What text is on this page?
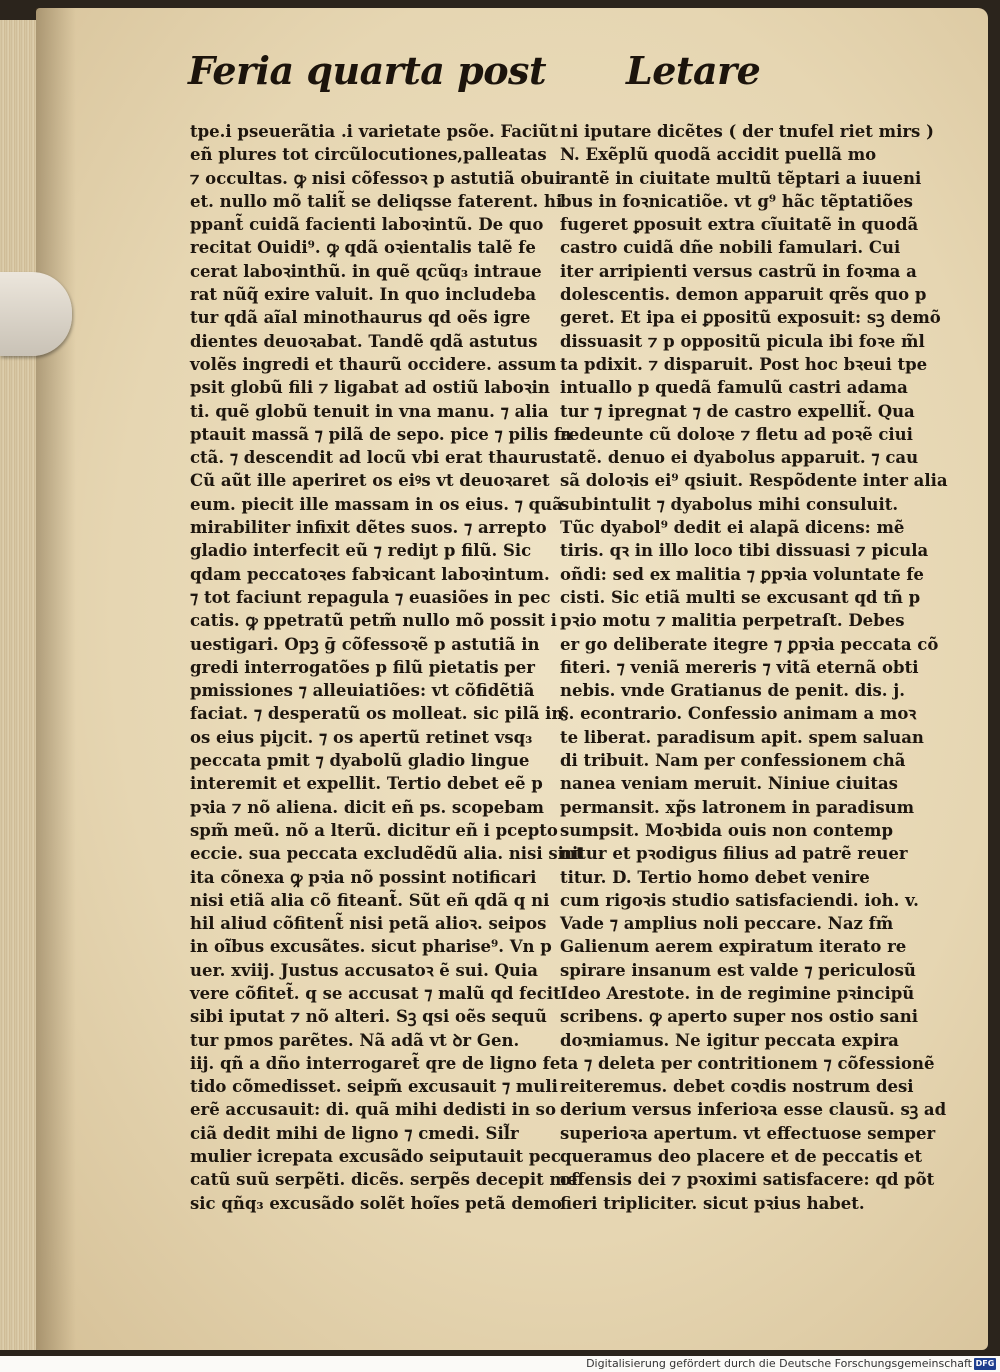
Feria quarta post Letare
tpe.i pseuerãtia .i varietate psõe. Faciũt
eñ plures tot circũlocutiones,palleatas
⁊ occultas. ꝙ nisi cõfessoꝛ p astutiã obui
et. nullo mõ talit̃ se deliqsse faterent. hi
ppant̃ cuidã facienti laboꝛintũ. De quo
recitat Ouidi⁹. ꝙ qdã oꝛientalis talẽ fe
cerat laboꝛinthũ. in quẽ ɋcũq₃ intraue
rat nũq̃ exire valuit. In quo includeba
tur qdã aĩal minothaurus qd oẽs igre
dientes deuoꝛabat. Tandẽ qdã astutus
volẽs ingredi et thaurũ occidere. assum
psit globũ fili ⁊ ligabat ad ostiũ laboꝛin
ti. quẽ globũ tenuit in vna manu. ⁊ alia
ptauit massã ⁊ pilã de sepo. pice ⁊ pilis fa
ctã. ⁊ descendit ad locũ vbi erat thaurus
Cũ aũt ille aperiret os eiꝰs vt deuoꝛaret
eum. piecit ille massam in os eius. ⁊ quã
mirabiliter infixit dẽtes suos. ⁊ arrepto
gladio interfecit eũ ⁊ rediȷt p filũ. Sic
qdam peccatoꝛes fabꝛicant laboꝛintum.
⁊ tot faciunt repagula ⁊ euasiões in pec
catis. ꝙ ppetratũ petm̃ nullo mõ possit i
uestigari. Opꝫ ḡ cõfessoꝛẽ p astutiã in
gredi interrogatões p filũ pietatis per
pmissiones ⁊ alleuiatiões: vt cõfidẽtiã
faciat. ⁊ desperatũ os molleat. sic pilã in
os eius piȷcit. ⁊ os apertũ retinet vsq₃
peccata pmit ⁊ dyabolũ gladio lingue
interemit et expellit. Tertio debet eẽ p
pꝛia ⁊ nõ aliena. dicit eñ ps. scopebam
spm̃ meũ. nõ a lterũ. dicitur eñ i pcepto
eccie. sua peccata excludẽdũ alia. nisi sint
ita cõnexa ꝙ pꝛia nõ possint notificari
nisi etiã alia cõ fiteant̃. Sũt eñ qdã q ni
hil aliud cõfitent̃ nisi petã alioꝛ. seipos
in oĩbus excusãtes. sicut pharise⁹. Vn p
uer. xviij. Justus accusatoꝛ ẽ sui. Quia
vere cõfitet̃. q se accusat ⁊ malũ qd fecit
sibi iputat ⁊ nõ alteri. Sꝫ qsi oẽs sequũ
tur pmos parẽtes. Nã adã vt ꝺr Gen.
iij. qñ a dño interrogaret̃ qre de ligno fe
tido cõmedisset. seipm̃ excusauit ⁊ muli
erẽ accusauit: di. quã mihi dedisti in so
ciã dedit mihi de ligno ⁊ cmedi. Sil̃r
mulier icrepata excusãdo seiputauit pec
catũ suũ serpẽti. dicẽs. serpẽs decepit me
sic qñq₃ excusãdo solẽt hoĩes petã demo
ni iputare dicẽtes ( der tnufel riet mirs )
N. Exẽplũ quodã accidit puellã mo
rantẽ in ciuitate multũ tẽptari a iuueni
bus in foꝛnicatiõe. vt g⁹ hãc tẽptatiões
fugeret ꝑposuit extra cĩuitatẽ in quodã
castro cuidã dñe nobili famulari. Cui
iter arripienti versus castrũ in foꝛma a
dolescentis. demon apparuit qrẽs quo p
geret. Et ipa ei ꝑpositũ exposuit: sꝫ demõ
dissuasit ⁊ p oppositũ picula ibi foꝛe m̃l
ta pdixit. ⁊ disparuit. Post hoc bꝛeui tpe
intuallo p quedã famulũ castri adama
tur ⁊ ipregnat ⁊ de castro expellit̃. Qua
redeunte cũ doloꝛe ⁊ fletu ad poꝛẽ ciui
tatẽ. denuo ei dyabolus apparuit. ⁊ cau
sã doloꝛis ei⁹ qsiuit. Respõdente inter alia
subintulit ⁊ dyabolus mihi consuluit.
Tũc dyabol⁹ dedit ei alapã dicens: mẽ
tiris. qꝛ in illo loco tibi dissuasi ⁊ picula
oñdi: sed ex malitia ⁊ ꝑpꝛia voluntate fe
cisti. Sic etiã multi se excusant qd tñ p
pꝛio motu ⁊ malitia perpetraſt. Debes
er go deliberate itegre ⁊ ꝑpꝛia peccata cõ
fiteri. ⁊ veniã mereris ⁊ vitã eternã obti
nebis. vnde Gratianus de penit. dis. j.
§. econtrario. Confessio animam a moꝛ
te liberat. paradisum apit. spem saluan
di tribuit. Nam per confessionem chã
nanea veniam meruit. Niniue ciuitas
permansit. xp̃s latronem in paradisum
sumpsit. Moꝛbida ouis non contemp
nitur et pꝛodigus filius ad patrẽ reuer
titur. D. Tertio homo debet venire
cum rigoꝛis studio satisfaciendi. ioh. v.
Vade ⁊ amplius noli peccare. Naz fm̃
Galienum aerem expiratum iterato re
spirare insanum est valde ⁊ periculosũ
Ideo Arestote. in de regimine pꝛincipũ
scribens. ꝙ aperto super nos ostio sani
doꝛmiamus. Ne igitur peccata expira
ta ⁊ deleta per contritionem ⁊ cõfessionẽ
reiteremus. debet coꝛdis nostrum desi
derium versus inferioꝛa esse clausũ. sꝫ ad
superioꝛa apertum. vt effectuose semper
queramus deo placere et de peccatis et
offensis dei ⁊ pꝛoximi satisfacere: qd põt
fieri tripliciter. sicut pꝛius habet.
Digitalisierung gefördert durch die Deutsche Forschungsgemeinschaft DFG
